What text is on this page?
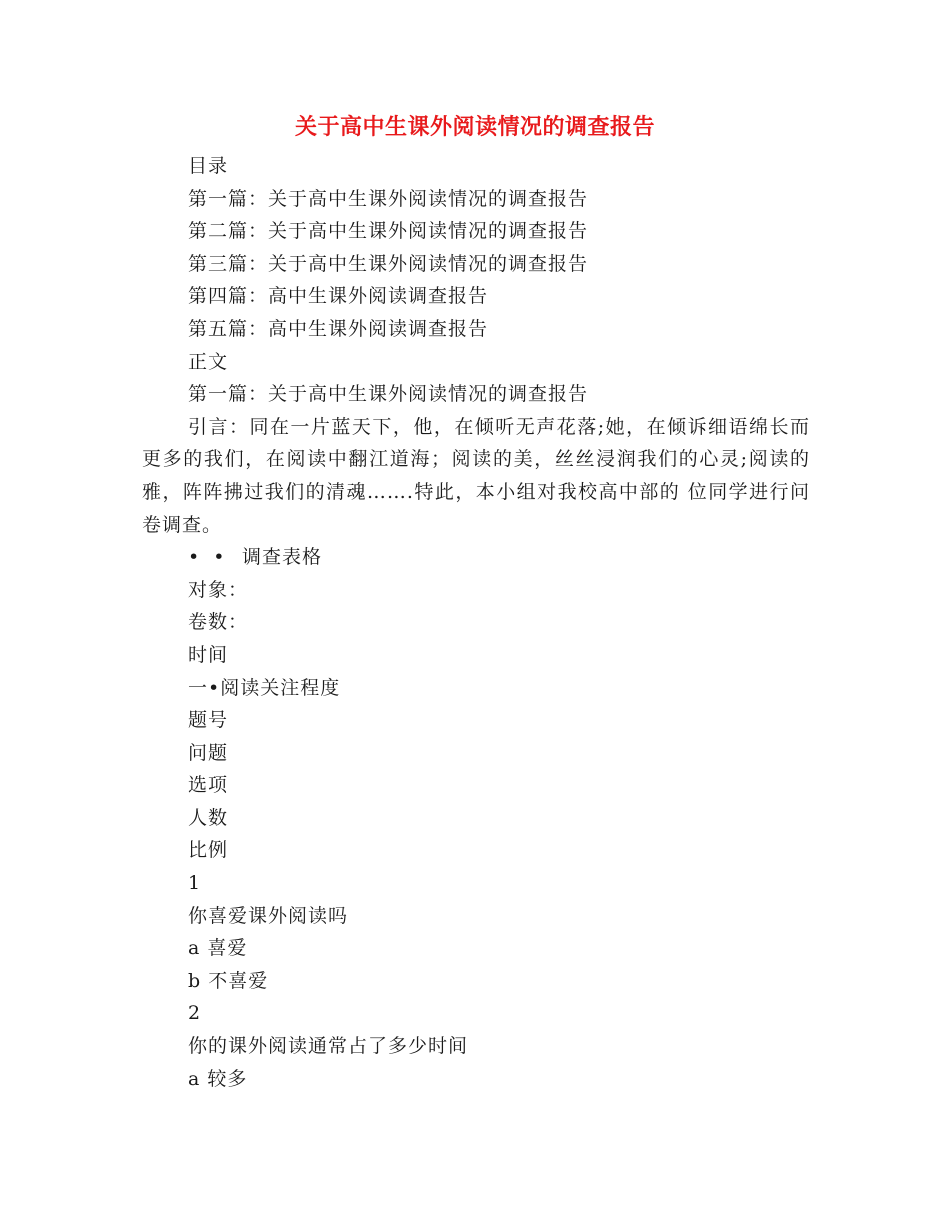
关于高中生课外阅读情况的调查报告
目录
第一篇：关于高中生课外阅读情况的调查报告
第二篇：关于高中生课外阅读情况的调查报告
第三篇：关于高中生课外阅读情况的调查报告
第四篇：高中生课外阅读调查报告
第五篇：高中生课外阅读调查报告
正文
第一篇：关于高中生课外阅读情况的调查报告
引言：同在一片蓝天下，他，在倾听无声花落;她，在倾诉细语绵长而更多的我们，在阅读中翻江道海；阅读的美，丝丝浸润我们的心灵;阅读的雅，阵阵拂过我们的清魂…….特此，本小组对我校高中部的 位同学进行问卷调查。
• • 调查表格
对象：
卷数：
时间
一•阅读关注程度
题号
问题
选项
人数
比例
1
你喜爱课外阅读吗
a 喜爱
b 不喜爱
2
你的课外阅读通常占了多少时间
a 较多
